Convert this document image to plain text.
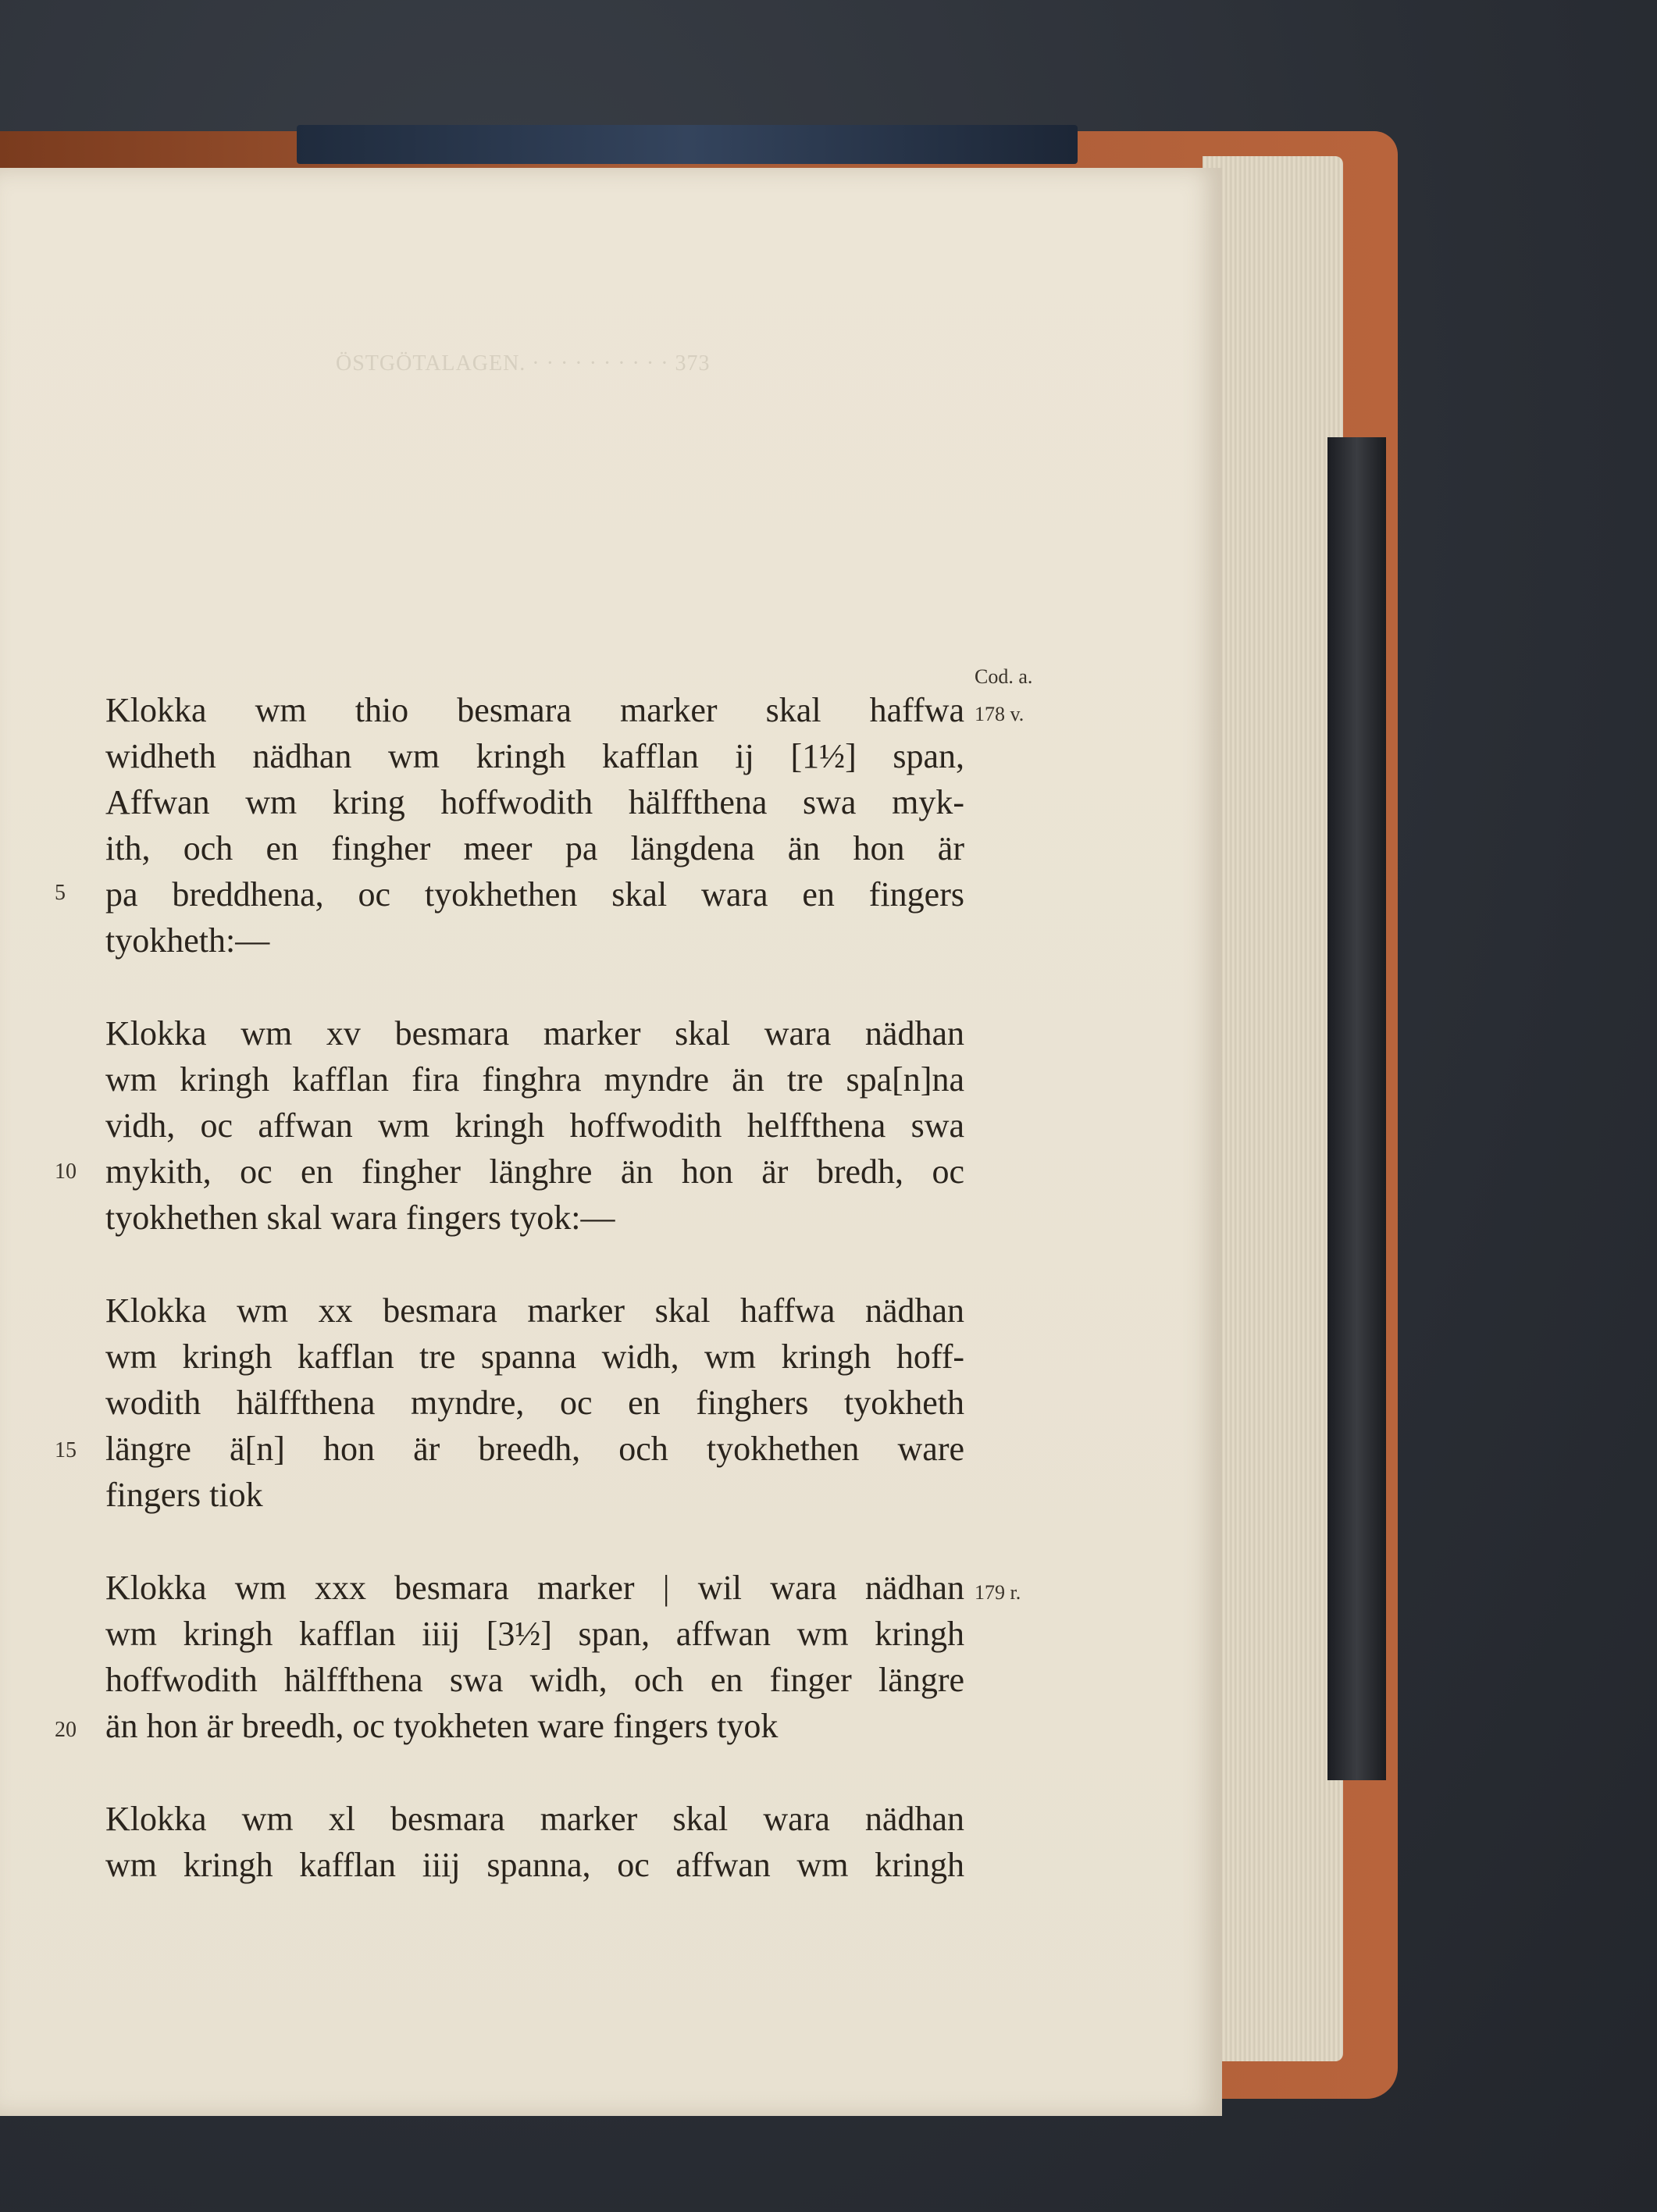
ÖSTGÖTALAGEN. · · · · · · · · · · 373
Cod. a.
178 v.
179 r.
5
10
15
20
Klokka wm thio besmara marker skal haffwa
widheth nädhan wm kringh kafflan ij [1½] span,
Affwan wm kring hoffwodith hälffthena swa myk-
ith, och en fingher meer pa längdena än hon är
pa breddhena, oc tyokhethen skal wara en fingers
tyokheth:—
Klokka wm xv besmara marker skal wara nädhan
wm kringh kafflan fira finghra myndre än tre spa[n]na
vidh, oc affwan wm kringh hoffwodith helffthena swa
mykith, oc en fingher länghre än hon är bredh, oc
tyokhethen skal wara fingers tyok:—
Klokka wm xx besmara marker skal haffwa nädhan
wm kringh kafflan tre spanna widh, wm kringh hoff-
wodith hälffthena myndre, oc en finghers tyokheth
längre ä[n] hon är breedh, och tyokhethen ware
fingers tiok
Klokka wm xxx besmara marker | wil wara nädhan
wm kringh kafflan iiij [3½] span, affwan wm kringh
hoffwodith hälffthena swa widh, och en finger längre
än hon är breedh, oc tyokheten ware fingers tyok
Klokka wm xl besmara marker skal wara nädhan
wm kringh kafflan iiij spanna, oc affwan wm kringh
